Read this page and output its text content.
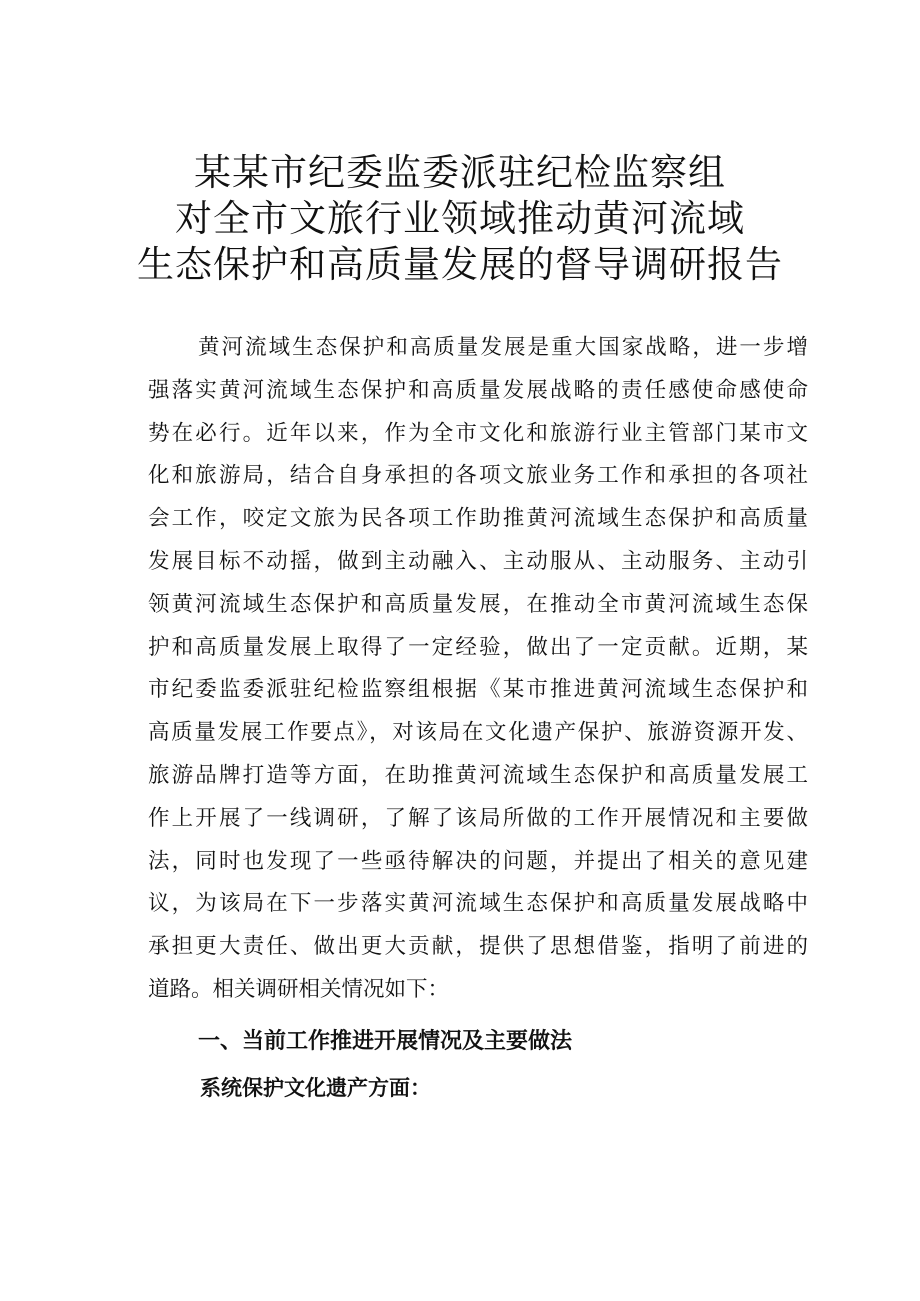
某某市纪委监委派驻纪检监察组
对全市文旅行业领域推动黄河流域
生态保护和高质量发展的督导调研报告
黄河流域生态保护和高质量发展是重大国家战略，进一步增
强落实黄河流域生态保护和高质量发展战略的责任感使命感使命
势在必行。近年以来，作为全市文化和旅游行业主管部门某市文
化和旅游局，结合自身承担的各项文旅业务工作和承担的各项社
会工作，咬定文旅为民各项工作助推黄河流域生态保护和高质量
发展目标不动摇，做到主动融入、主动服从、主动服务、主动引
领黄河流域生态保护和高质量发展，在推动全市黄河流域生态保
护和高质量发展上取得了一定经验，做出了一定贡献。近期，某
市纪委监委派驻纪检监察组根据《某市推进黄河流域生态保护和
高质量发展工作要点》，对该局在文化遗产保护、旅游资源开发、
旅游品牌打造等方面，在助推黄河流域生态保护和高质量发展工
作上开展了一线调研，了解了该局所做的工作开展情况和主要做
法，同时也发现了一些亟待解决的问题，并提出了相关的意见建
议，为该局在下一步落实黄河流域生态保护和高质量发展战略中
承担更大责任、做出更大贡献，提供了思想借鉴，指明了前进的
道路。相关调研相关情况如下：
一、当前工作推进开展情况及主要做法
系统保护文化遗产方面：
